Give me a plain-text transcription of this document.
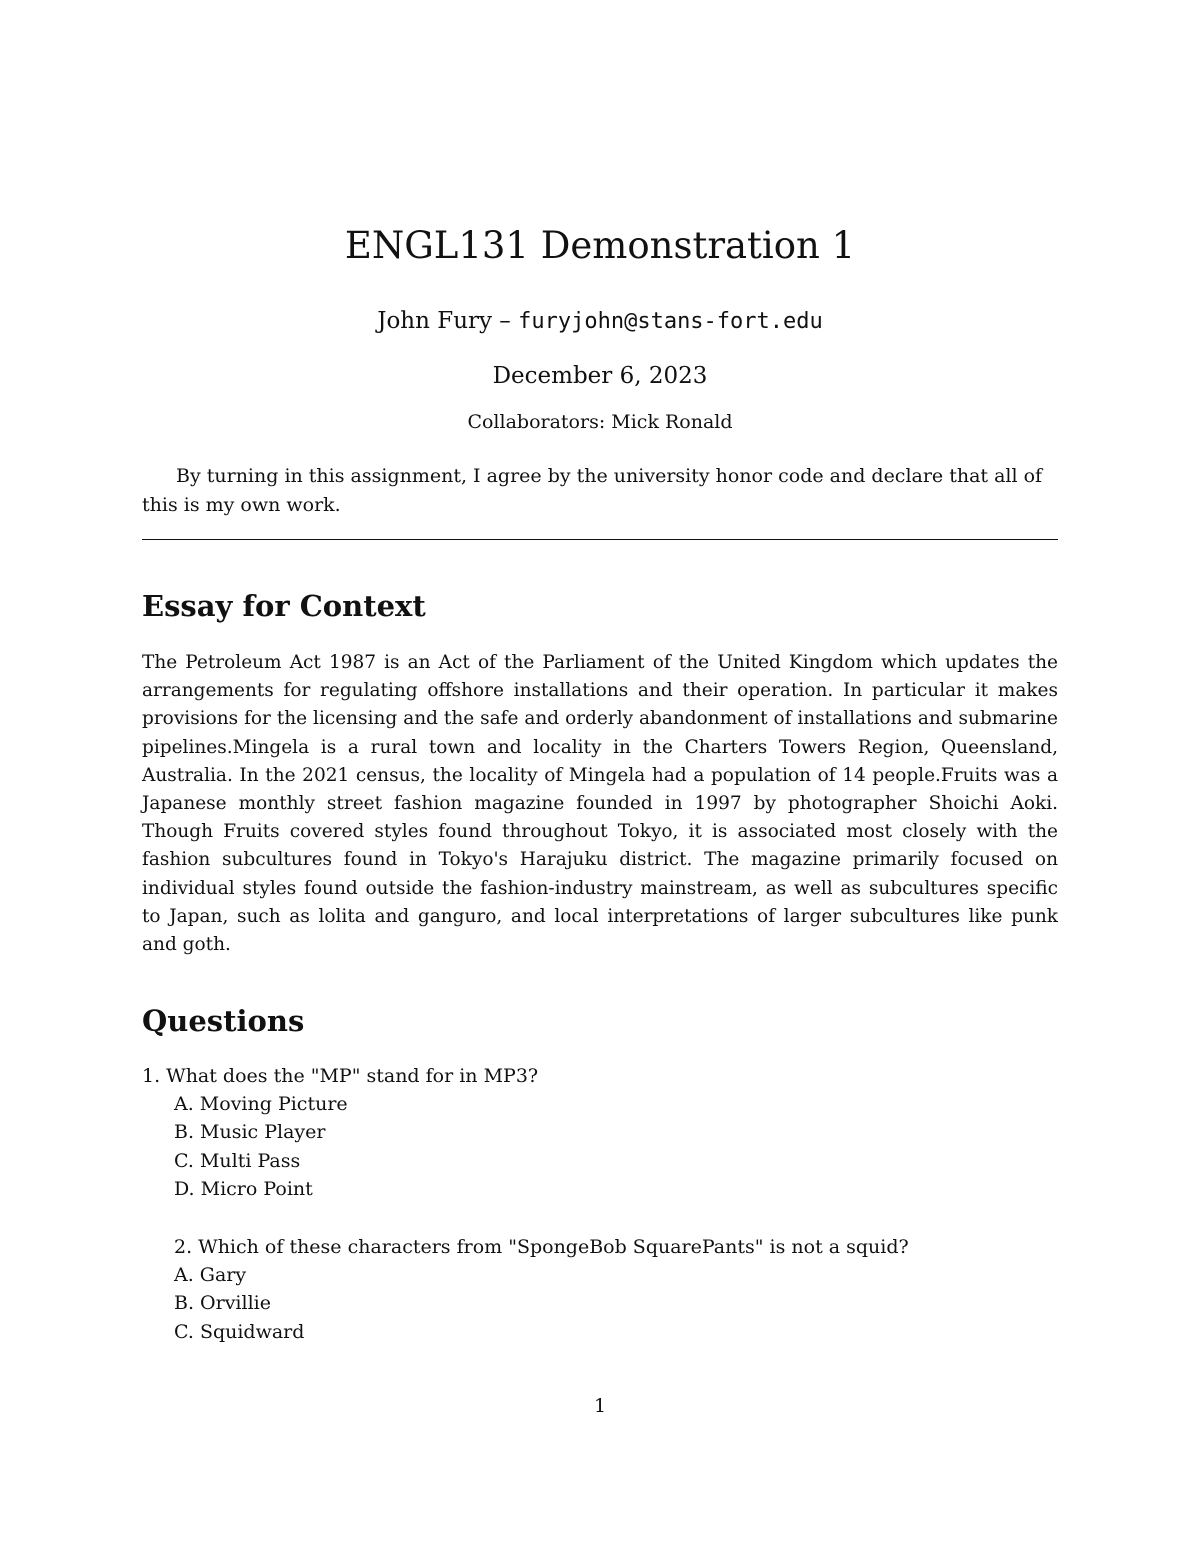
ENGL131 Demonstration 1
John Fury – furyjohn@stans-fort.edu
December 6, 2023
Collaborators: Mick Ronald

By turning in this assignment, I agree by the university honor code and declare that all of this is my own work.

Essay for Context

The Petroleum Act 1987 is an Act of the Parliament of the United Kingdom which updates the arrangements for regulating offshore installations and their operation. In particular it makes provisions for the licensing and the safe and orderly abandonment of installations and submarine pipelines.Mingela is a rural town and locality in the Charters Towers Region, Queensland, Australia. In the 2021 census, the locality of Mingela had a population of 14 people.Fruits was a Japanese monthly street fashion magazine founded in 1997 by photographer Shoichi Aoki. Though Fruits covered styles found throughout Tokyo, it is associated most closely with the fashion subcultures found in Tokyo's Harajuku district. The magazine primarily focused on individual styles found outside the fashion-industry mainstream, as well as subcultures specific to Japan, such as lolita and ganguro, and local interpretations of larger subcultures like punk and goth.

Questions
1. What does the "MP" stand for in MP3?
A. Moving Picture
B. Music Player
C. Multi Pass
D. Micro Point
2. Which of these characters from "SpongeBob SquarePants" is not a squid?
A. Gary
B. Orvillie
C. Squidward
1
